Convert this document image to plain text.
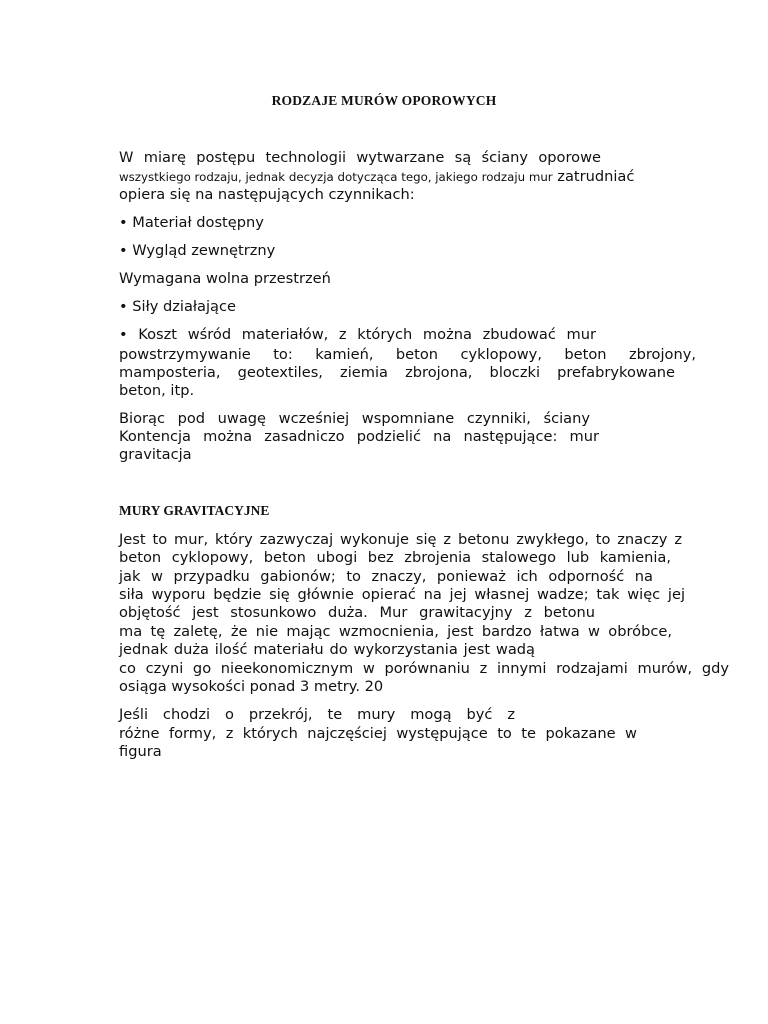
RODZAJE MURÓW OPOROWYCH
W miarę postępu technologii wytwarzane są ściany oporowe
wszystkiego rodzaju, jednak decyzja dotycząca tego, jakiego rodzaju mur zatrudniać
opiera się na następujących czynnikach:
• Materiał dostępny
• Wygląd zewnętrzny
Wymagana wolna przestrzeń
• Siły działające
• Koszt wśród materiałów, z których można zbudować mur
powstrzymywanie to: kamień, beton cyklopowy, beton zbrojony,
mamposteria, geotextiles, ziemia zbrojona, bloczki prefabrykowane
beton, itp.
Biorąc pod uwagę wcześniej wspomniane czynniki, ściany
Kontencja można zasadniczo podzielić na następujące: mur
gravitacja
MURY GRAVITACYJNE
Jest to mur, który zazwyczaj wykonuje się z betonu zwykłego, to znaczy z
beton cyklopowy, beton ubogi bez zbrojenia stalowego lub kamienia,
jak w przypadku gabionów; to znaczy, ponieważ ich odporność na
siła wyporu będzie się głównie opierać na jej własnej wadze; tak więc jej
objętość jest stosunkowo duża. Mur grawitacyjny z betonu
ma tę zaletę, że nie mając wzmocnienia, jest bardzo łatwa w obróbce,
jednak duża ilość materiału do wykorzystania jest wadą
co czyni go nieekonomicznym w porównaniu z innymi rodzajami murów, gdy
osiąga wysokości ponad 3 metry. 20
Jeśli chodzi o przekrój, te mury mogą być z
różne formy, z których najczęściej występujące to te pokazane w
figura
